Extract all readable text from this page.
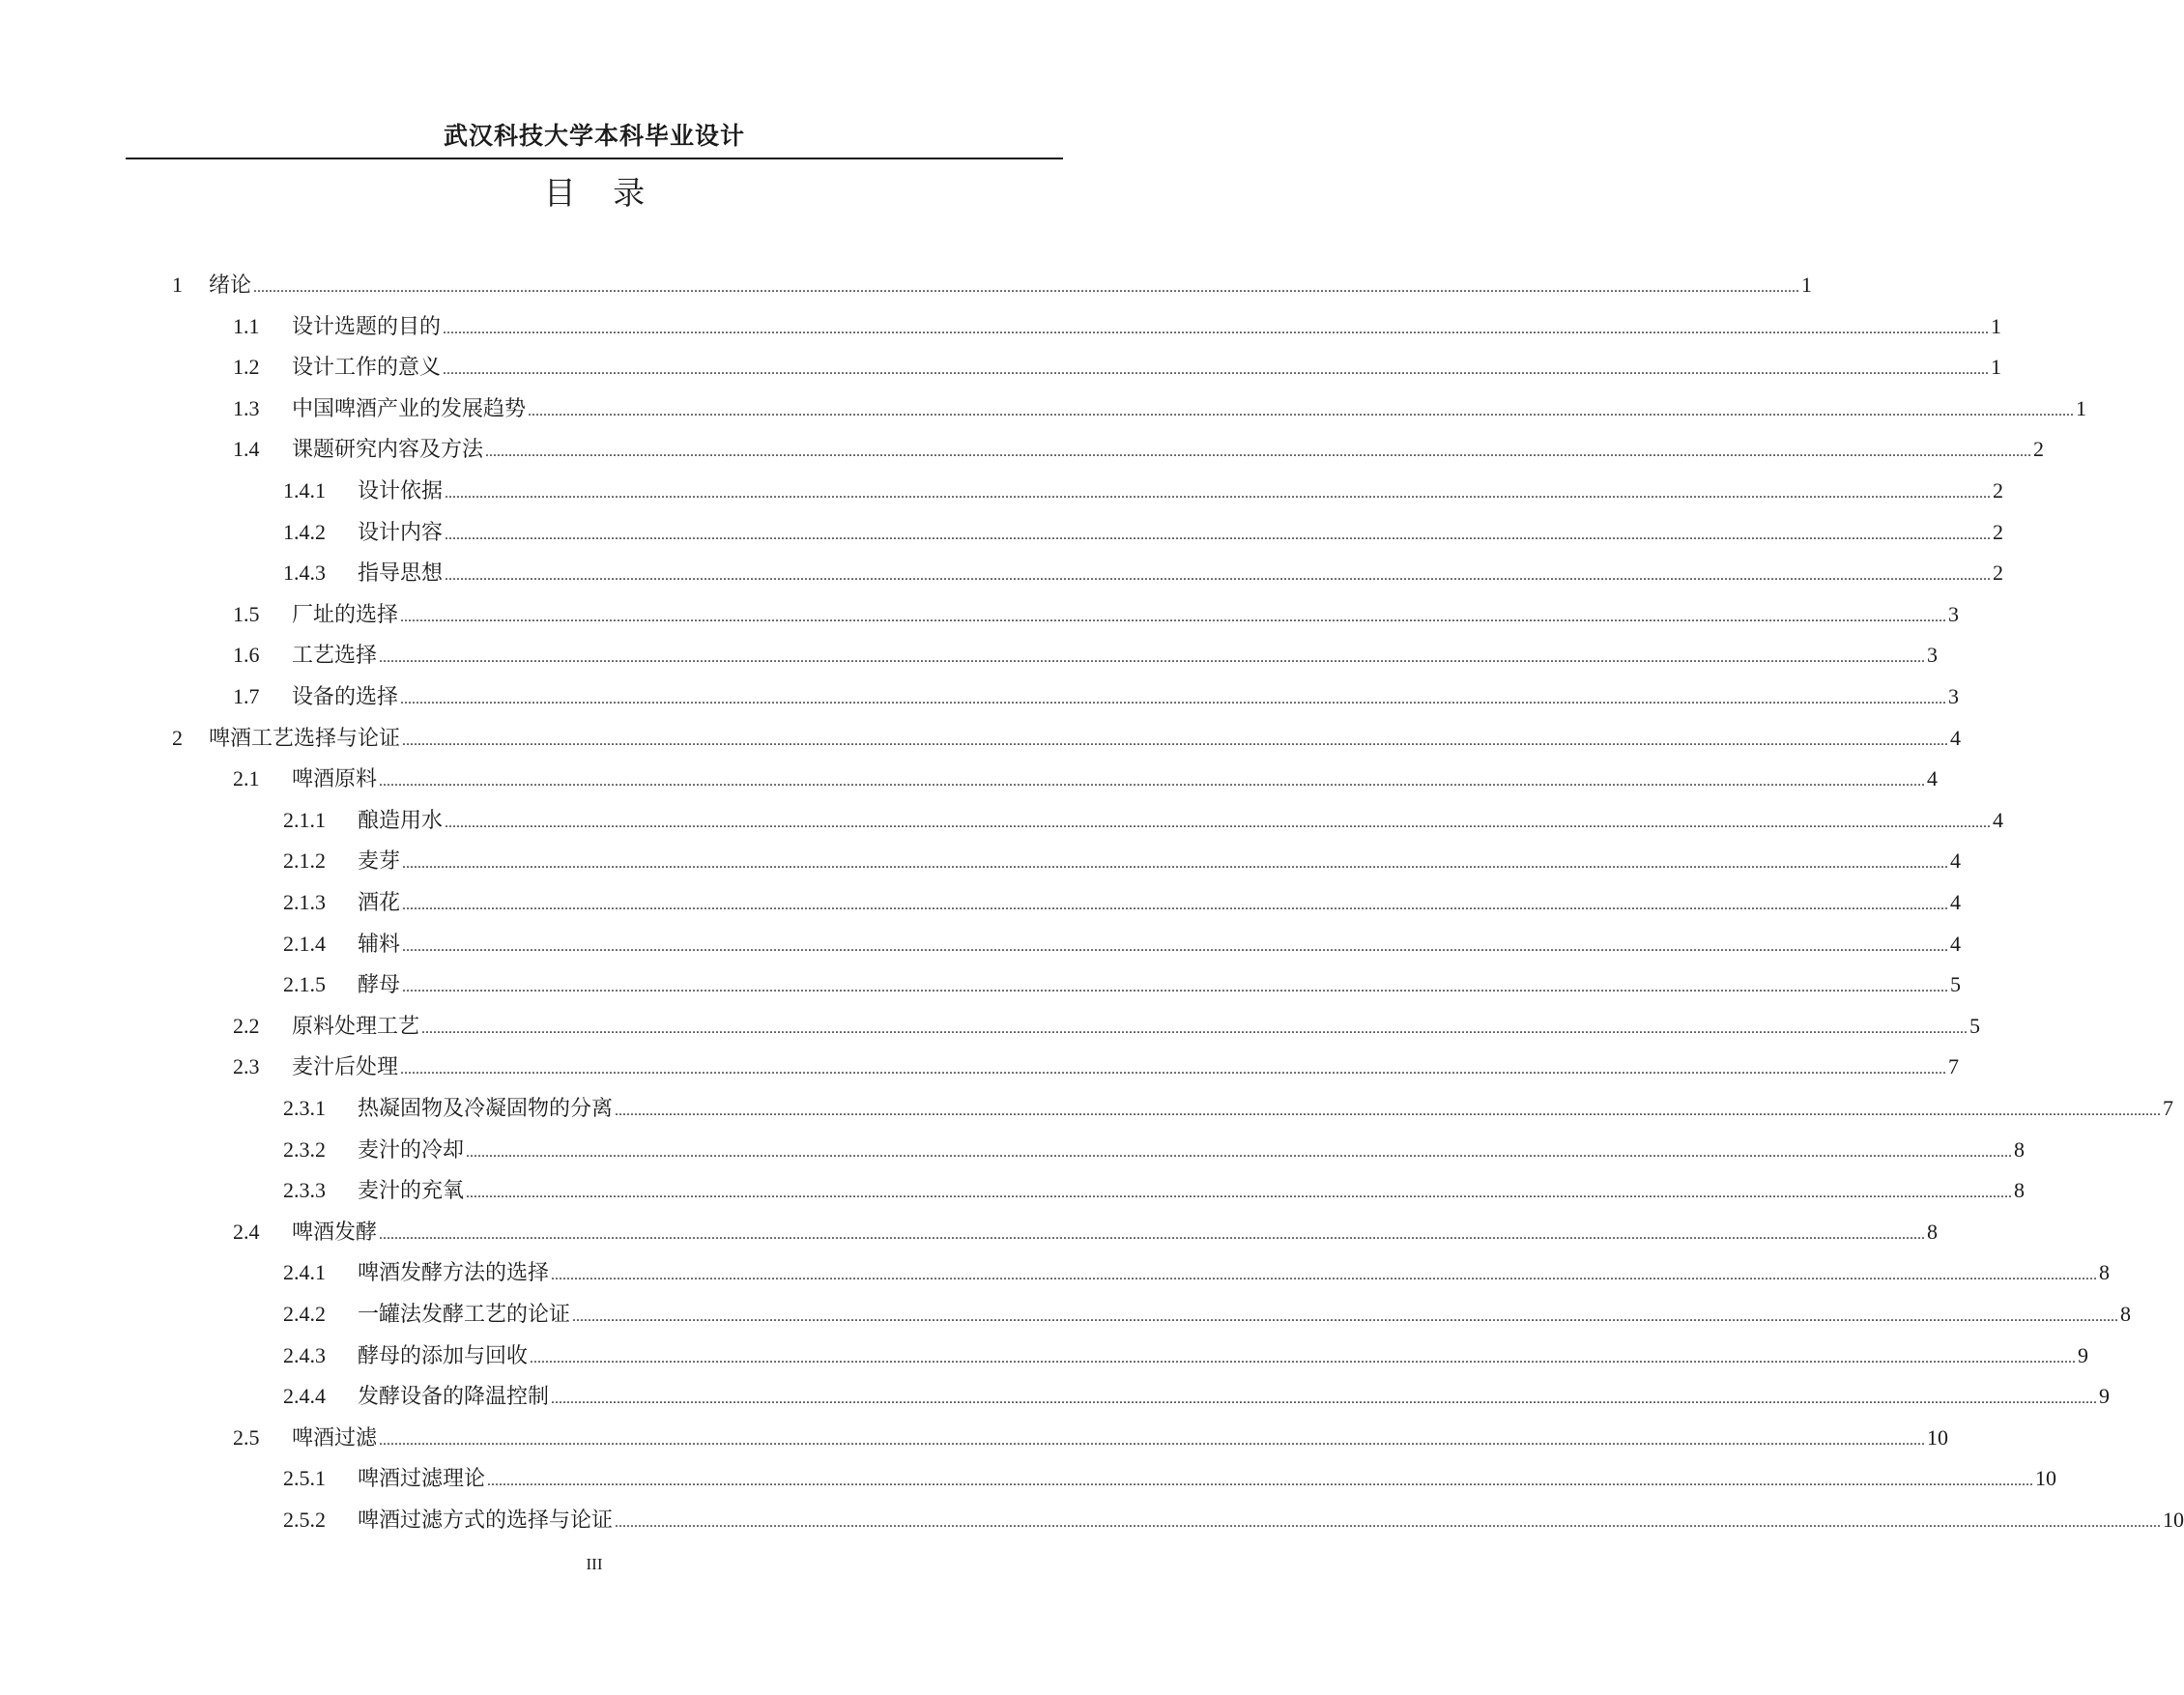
武汉科技大学本科毕业设计
目 录
1	绪论 ................................................................................................................................................................................................................................................................................................................................................................................................................ 1
1.1	设计选题的目的 ................................................................................................................................................................................................................................................................................................................................................................................................................ 1
1.2	设计工作的意义 ................................................................................................................................................................................................................................................................................................................................................................................................................ 1
1.3	中国啤酒产业的发展趋势 ................................................................................................................................................................................................................................................................................................................................................................................................................ 1
1.4	课题研究内容及方法 ................................................................................................................................................................................................................................................................................................................................................................................................................ 2
1.4.1	设计依据 ................................................................................................................................................................................................................................................................................................................................................................................................................ 2
1.4.2	设计内容 ................................................................................................................................................................................................................................................................................................................................................................................................................ 2
1.4.3	指导思想 ................................................................................................................................................................................................................................................................................................................................................................................................................ 2
1.5	厂址的选择 ................................................................................................................................................................................................................................................................................................................................................................................................................ 3
1.6	工艺选择 ................................................................................................................................................................................................................................................................................................................................................................................................................ 3
1.7	设备的选择 ................................................................................................................................................................................................................................................................................................................................................................................................................ 3
2	啤酒工艺选择与论证 ................................................................................................................................................................................................................................................................................................................................................................................................................ 4
2.1	啤酒原料 ................................................................................................................................................................................................................................................................................................................................................................................................................ 4
2.1.1	酿造用水 ................................................................................................................................................................................................................................................................................................................................................................................................................ 4
2.1.2	麦芽 ................................................................................................................................................................................................................................................................................................................................................................................................................ 4
2.1.3	酒花 ................................................................................................................................................................................................................................................................................................................................................................................................................ 4
2.1.4	辅料 ................................................................................................................................................................................................................................................................................................................................................................................................................ 4
2.1.5	酵母 ................................................................................................................................................................................................................................................................................................................................................................................................................ 5
2.2	原料处理工艺 ................................................................................................................................................................................................................................................................................................................................................................................................................ 5
2.3	麦汁后处理 ................................................................................................................................................................................................................................................................................................................................................................................................................ 7
2.3.1	热凝固物及冷凝固物的分离 ................................................................................................................................................................................................................................................................................................................................................................................................................ 7
2.3.2	麦汁的冷却 ................................................................................................................................................................................................................................................................................................................................................................................................................ 8
2.3.3	麦汁的充氧 ................................................................................................................................................................................................................................................................................................................................................................................................................ 8
2.4	啤酒发酵 ................................................................................................................................................................................................................................................................................................................................................................................................................ 8
2.4.1	啤酒发酵方法的选择 ................................................................................................................................................................................................................................................................................................................................................................................................................ 8
2.4.2	一罐法发酵工艺的论证 ................................................................................................................................................................................................................................................................................................................................................................................................................ 8
2.4.3	酵母的添加与回收 ................................................................................................................................................................................................................................................................................................................................................................................................................ 9
2.4.4	发酵设备的降温控制 ................................................................................................................................................................................................................................................................................................................................................................................................................ 9
2.5	啤酒过滤 ................................................................................................................................................................................................................................................................................................................................................................................................................ 10
2.5.1	啤酒过滤理论 ................................................................................................................................................................................................................................................................................................................................................................................................................ 10
2.5.2	啤酒过滤方式的选择与论证 ................................................................................................................................................................................................................................................................................................................................................................................................................ 10
III
